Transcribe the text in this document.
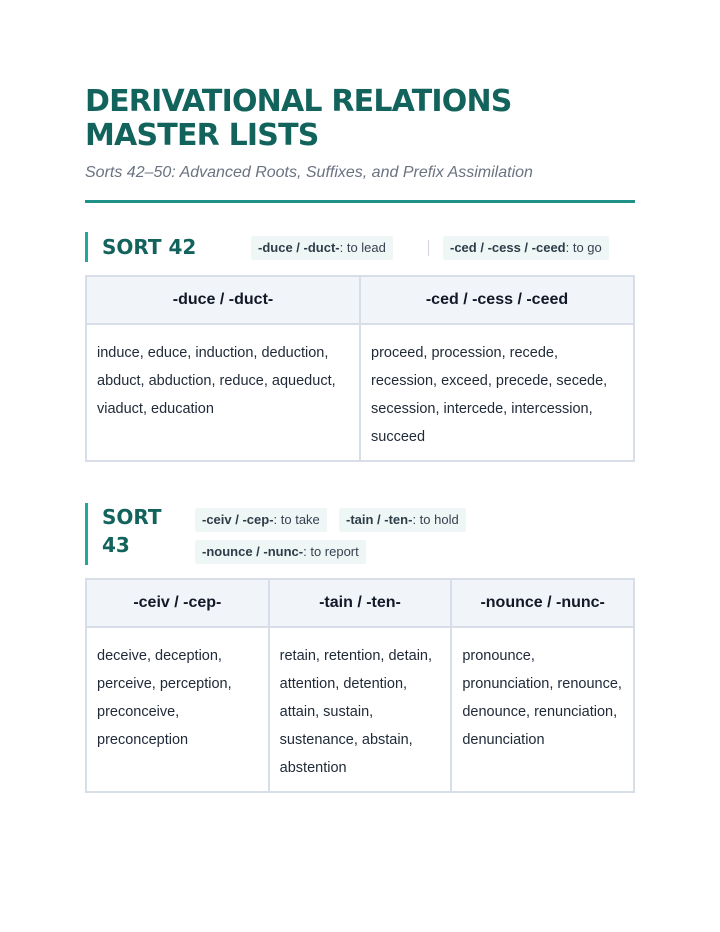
DERIVATIONAL RELATIONS
MASTER LISTS
Sorts 42–50: Advanced Roots, Suffixes, and Prefix Assimilation
SORT 42	-duce / -duct-: to lead	-ced / -cess / -ceed: to go
-duce / -duct-	-ced / -cess / -ceed
induce, educe, induction, deduction, abduct, abduction, reduce, aqueduct, viaduct, education	proceed, procession, recede, recession, exceed, precede, secede, secession, intercede, intercession, succeed
SORT
43
-ceiv / -cep-: to take	-tain / -ten-: to hold
-nounce / -nunc-: to report
-ceiv / -cep-	-tain / -ten-	-nounce / -nunc-
deceive, deception, perceive, perception, preconceive, preconception	retain, retention, detain, attention, detention, attain, sustain, sustenance, abstain, abstention	pronounce, pronunciation, renounce, denounce, renunciation, denunciation
